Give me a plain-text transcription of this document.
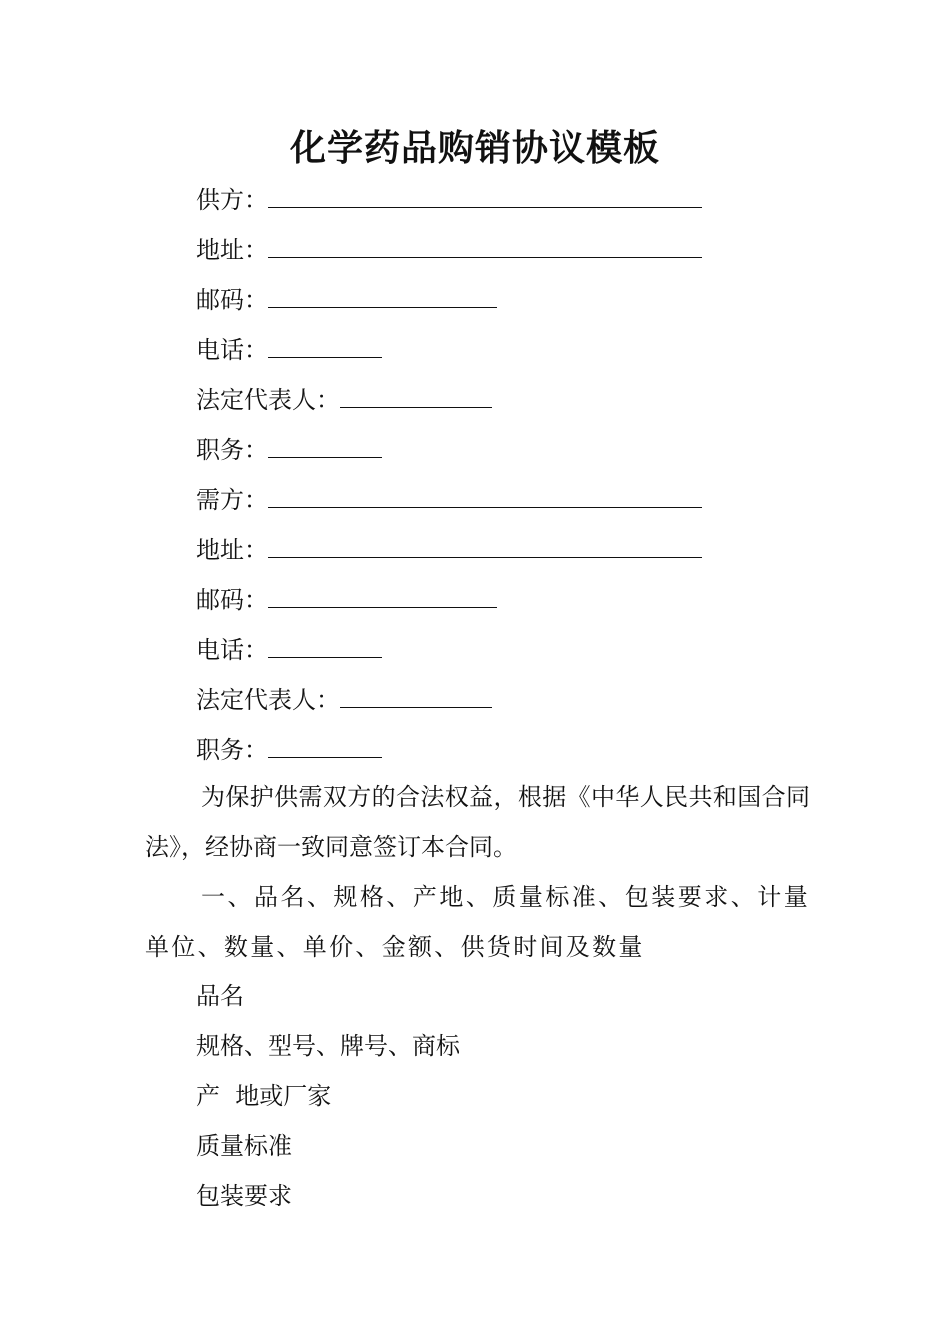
化学药品购销协议模板
供方：
地址：
邮码：
电话：
法定代表人：
职务：
需方：
地址：
邮码：
电话：
法定代表人：
职务：
为保护供需双方的合法权益，根据《中华人民共和国合同法》，经协商一致同意签订本合同。
一、品名、规格、产地、质量标准、包装要求、计量单位、数量、单价、金额、供货时间及数量
品名
规格、型号、牌号、商标
产  地或厂家
质量标准
包装要求
